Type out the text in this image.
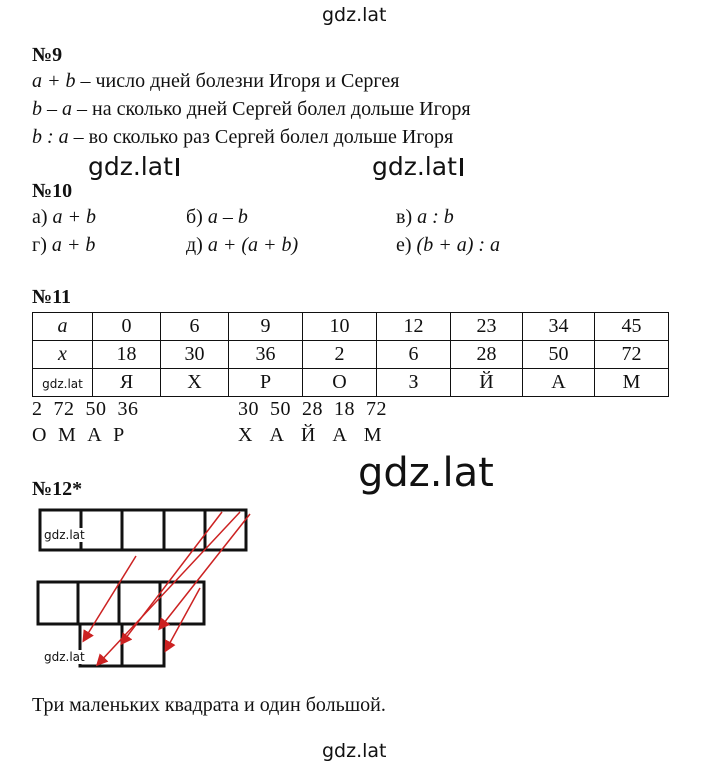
gdz.lat
gdz.lat	gdz.lat
gdz.lat
gdz.lat
№9
a + b – число дней болезни Игоря и Сергея
b – a – на сколько дней Сергей болел дольше Игоря
b : a – во сколько раз Сергей болел дольше Игоря
№10
а) a + b	б) a – b	в) a : b
г) a + b	д) a + (a + b)	е) (b + a) : a
№11
a	0	6	9	10	12	23	34	45
x	18	30	36	2	6	28	50	72
gdz.lat	Я	Х	Р	О	З	Й	А	М
2  72  50  36
О  М  А  Р
30  50  28  18  72
Х   А   Й   А   М
№12*
gdz.lat
gdz.lat
Три маленьких квадрата и один большой.
